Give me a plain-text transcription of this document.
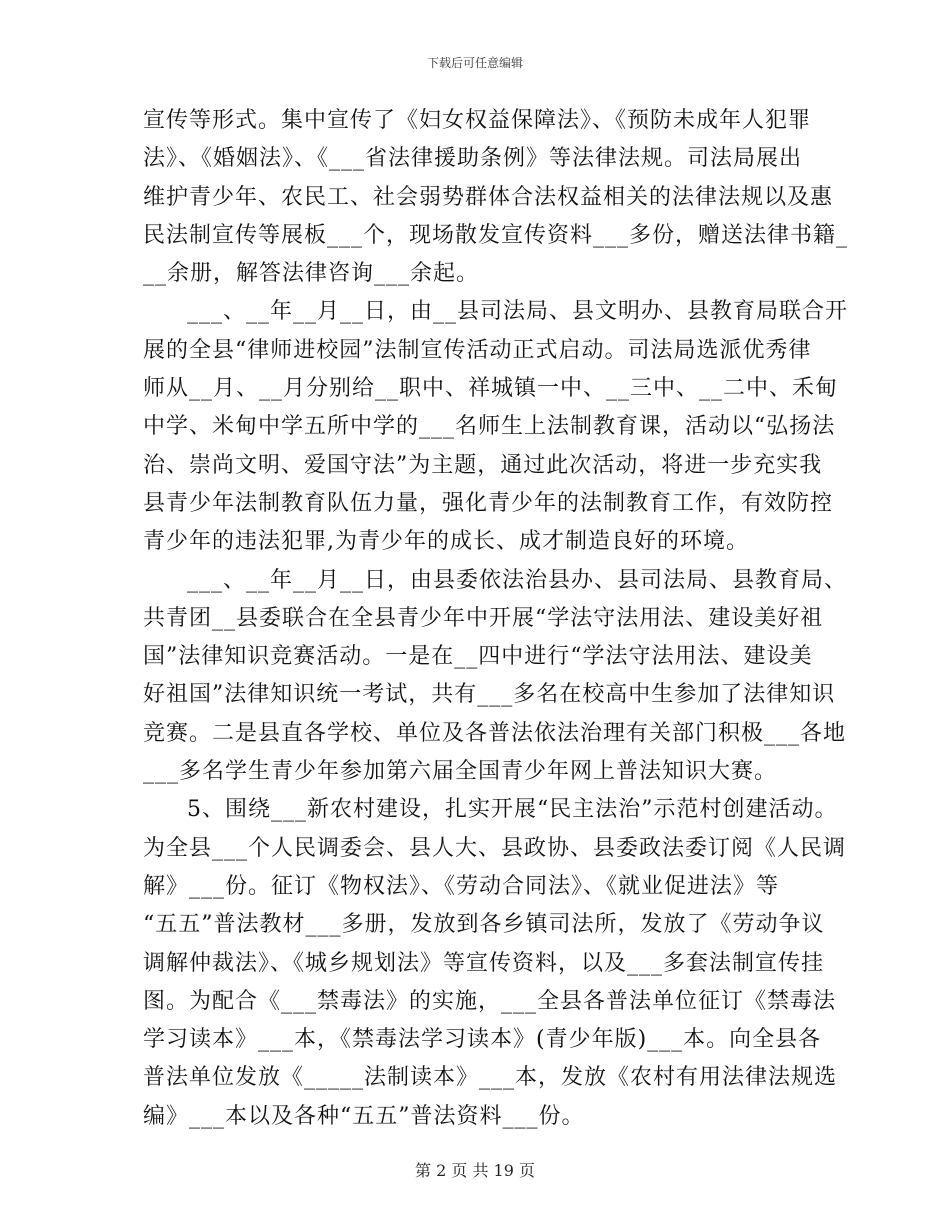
下载后可任意编辑
宣传等形式。集中宣传了《妇女权益保障法》、《预防未成年人犯罪
法》、《婚姻法》、《___省法律援助条例》等法律法规。司法局展出
维护青少年、农民工、社会弱势群体合法权益相关的法律法规以及惠
民法制宣传等展板___个，现场散发宣传资料___多份，赠送法律书籍_
__余册，解答法律咨询___余起。
___、__年__月__日，由__县司法局、县文明办、县教育局联合开
展的全县“律师进校园”法制宣传活动正式启动。司法局选派优秀律
师从__月、__月分别给__职中、祥城镇一中、__三中、__二中、禾甸
中学、米甸中学五所中学的___名师生上法制教育课，活动以“弘扬法
治、崇尚文明、爱国守法”为主题，通过此次活动，将进一步充实我
县青少年法制教育队伍力量，强化青少年的法制教育工作，有效防控
青少年的违法犯罪,为青少年的成长、成才制造良好的环境。
___、__年__月__日，由县委依法治县办、县司法局、县教育局、
共青团__县委联合在全县青少年中开展“学法守法用法、建设美好祖
国”法律知识竞赛活动。一是在__四中进行“学法守法用法、建设美
好祖国”法律知识统一考试，共有___多名在校高中生参加了法律知识
竞赛。二是县直各学校、单位及各普法依法治理有关部门积极___各地
___多名学生青少年参加第六届全国青少年网上普法知识大赛。
5、围绕___新农村建设，扎实开展“民主法治”示范村创建活动。
为全县___个人民调委会、县人大、县政协、县委政法委订阅《人民调
解》___份。征订《物权法》、《劳动合同法》、《就业促进法》等
“五五”普法教材___多册，发放到各乡镇司法所，发放了《劳动争议
调解仲裁法》、《城乡规划法》等宣传资料，以及___多套法制宣传挂
图。为配合《___禁毒法》的实施，___全县各普法单位征订《禁毒法
学习读本》___本，《禁毒法学习读本》(青少年版)___本。向全县各
普法单位发放《_____法制读本》___本，发放《农村有用法律法规选
编》___本以及各种“五五”普法资料___份。
第 2 页 共 19 页
